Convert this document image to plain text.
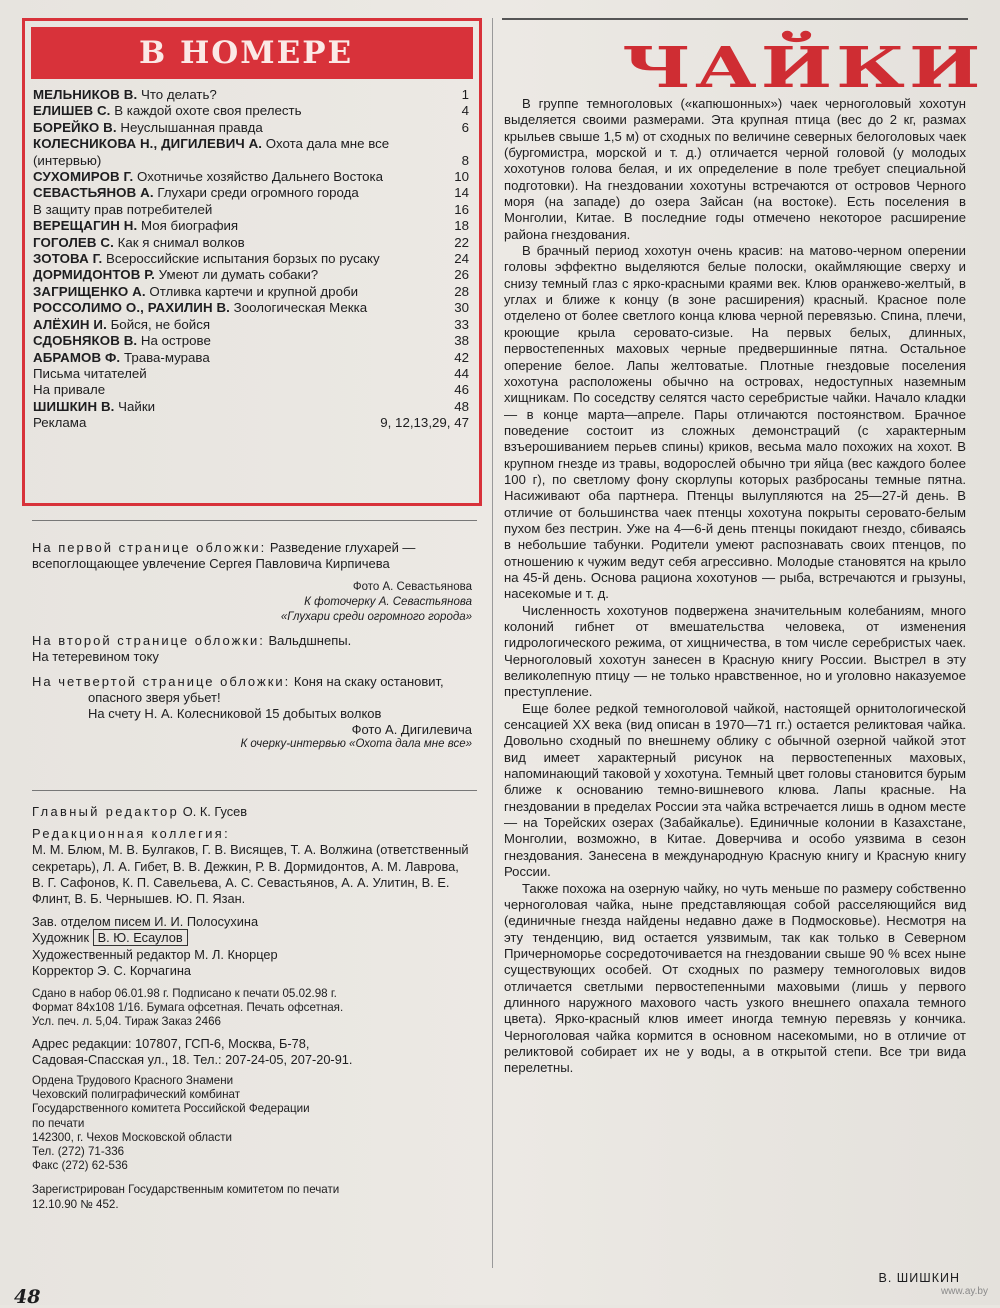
В НОМЕРЕ
МЕЛЬНИКОВ В. Что делать?	1
ЕЛИШЕВ С. В каждой охоте своя прелесть	4
БОРЕЙКО В. Неуслышанная правда	6
КОЛЕСНИКОВА Н., ДИГИЛЕВИЧ А. Охота дала мне все (интервью)	8
СУХОМИРОВ Г. Охотничье хозяйство Дальнего Востока	10
СЕВАСТЬЯНОВ А. Глухари среди огромного города	14
В защиту прав потребителей	16
ВЕРЕЩАГИН Н. Моя биография	18
ГОГОЛЕВ С. Как я снимал волков	22
ЗОТОВА Г. Всероссийские испытания борзых по русаку	24
ДОРМИДОНТОВ Р. Умеют ли думать собаки?	26
ЗАГРИЩЕНКО А. Отливка картечи и крупной дроби	28
РОССОЛИМО О., РАХИЛИН В. Зоологическая Мекка	30
АЛЁХИН И. Бойся, не бойся	33
СДОБНЯКОВ В. На острове	38
АБРАМОВ Ф. Трава-мурава	42
Письма читателей	44
На привале	46
ШИШКИН В. Чайки	48
Реклама	9, 12,13,29, 47
На первой странице обложки: Разведение глухарей — всепоглощающее увлечение Сергея Павловича Кирпичева
Фото А. Севастьянова
К фоточерку А. Севастьянова
«Глухари среди огромного города»
На второй странице обложки: Вальдшнепы.
На тетеревином току
На четвертой странице обложки: Коня на скаку остановит,
опасного зверя убьет!
На счету Н. А. Колесниковой 15 добытых волков
Фото А. Дигилевича
К очерку-интервью «Охота дала мне все»
Главный редактор О. К. Гусев
Редакционная коллегия:
М. М. Блюм, М. В. Булгаков, Г. В. Висящев, Т. А. Волжина (ответственный секретарь), Л. А. Гибет, В. В. Дежкин, Р. В. Дормидонтов, А. М. Лаврова, В. Г. Сафонов, К. П. Савельева, А. С. Севастьянов, А. А. Улитин, В. Е. Флинт, В. Б. Чернышев. Ю. П. Язан.
Зав. отделом писем И. И. Полосухина
Художник В. Ю. Есаулов
Художественный редактор М. Л. Кнорцер
Корректор Э. С. Корчагина
Сдано в набор 06.01.98 г. Подписано к печати 05.02.98 г.
Формат 84х108 1/16. Бумага офсетная. Печать офсетная.
Усл. печ. л. 5,04. Тираж Заказ 2466
Адрес редакции: 107807, ГСП-6, Москва, Б-78,
Садовая-Спасская ул., 18. Тел.: 207-24-05, 207-20-91.
Ордена Трудового Красного Знамени
Чеховский полиграфический комбинат
Государственного комитета Российской Федерации
по печати
142300, г. Чехов Московской области
Тел. (272) 71-336
Факс (272) 62-536
Зарегистрирован Государственным комитетом по печати
12.10.90 № 452.
ЧАЙКИ

В группе темноголовых («капюшонных») чаек черноголовый хохотун выделяется своими размерами. Эта крупная птица (вес до 2 кг, размах крыльев свыше 1,5 м) от сходных по величине северных белоголовых чаек (бургомистра, морской и т. д.) отличается черной головой (у молодых хохотунов голова белая, и их определение в поле требует специальной подготовки). На гнездовании хохотуны встречаются от островов Черного моря (на западе) до озера Зайсан (на востоке). Есть поселения в Монголии, Китае. В последние годы отмечено некоторое расширение района гнездования.

В брачный период хохотун очень красив: на матово-черном оперении головы эффектно выделяются белые полоски, окаймляющие сверху и снизу темный глаз с ярко-красными краями век. Клюв оранжево-желтый, в углах и ближе к концу (в зоне расширения) красный. Красное поле отделено от более светлого конца клюва черной перевязью. Спина, плечи, кроющие крыла серовато-сизые. На первых белых, длинных, первостепенных маховых черные предвершинные пятна. Остальное оперение белое. Лапы желтоватые. Плотные гнездовые поселения хохотуна расположены обычно на островах, недоступных наземным хищникам. По соседству селятся часто серебристые чайки. Начало кладки — в конце марта—апреле. Пары отличаются постоянством. Брачное поведение состоит из сложных демонстраций (с характерным взъерошиванием перьев спины) криков, весьма мало похожих на хохот. В крупном гнезде из травы, водорослей обычно три яйца (вес каждого более 100 г), по светлому фону скорлупы которых разбросаны темные пятна. Насиживают оба партнера. Птенцы вылупляются на 25—27-й день. В отличие от большинства чаек птенцы хохотуна покрыты серовато-белым пухом без пестрин. Уже на 4—6-й день птенцы покидают гнездо, сбиваясь в небольшие табунки. Родители умеют распознавать своих птенцов, по отношению к чужим ведут себя агрессивно. Молодые становятся на крыло на 45-й день. Основа рациона хохотунов — рыба, встречаются и грызуны, насекомые и т. д.

Численность хохотунов подвержена значительным колебаниям, много колоний гибнет от вмешательства человека, от изменения гидрологического режима, от хищничества, в том числе серебристых чаек. Черноголовый хохотун занесен в Красную книгу России. Выстрел в эту великолепную птицу — не только нравственное, но и уголовно наказуемое преступление.

Еще более редкой темноголовой чайкой, настоящей орнитологической сенсацией XX века (вид описан в 1970—71 гг.) остается реликтовая чайка. Довольно сходный по внешнему облику с обычной озерной чайкой этот вид имеет характерный рисунок на первостепенных маховых, напоминающий таковой у хохотуна. Темный цвет головы становится бурым ближе к основанию темно-вишневого клюва. Лапы красные. На гнездовании в пределах России эта чайка встречается лишь в одном месте — на Торейских озерах (Забайкалье). Единичные колонии в Казахстане, Монголии, возможно, в Китае. Доверчива и особо уязвима в сезон гнездования. Занесена в международную Красную книгу и Красную книгу России.

Также похожа на озерную чайку, но чуть меньше по размеру собственно черноголовая чайка, ныне представляющая собой расселяющийся вид (единичные гнезда найдены недавно даже в Подмосковье). Несмотря на эту тенденцию, вид остается уязвимым, так как только в Северном Причерноморье сосредоточивается на гнездовании свыше 90 % всех ныне существующих особей. От сходных по размеру темноголовых видов отличается светлыми первостепенными маховыми (лишь у первого длинного наружного махового часть узкого внешнего опахала темного цвета). Ярко-красный клюв имеет иногда темную перевязь у кончика. Черноголовая чайка кормится в основном насекомыми, но в отличие от реликтовой собирает их не у воды, а в открытой степи. Все три вида перелетны.

В. ШИШКИН
48	www.ay.by
